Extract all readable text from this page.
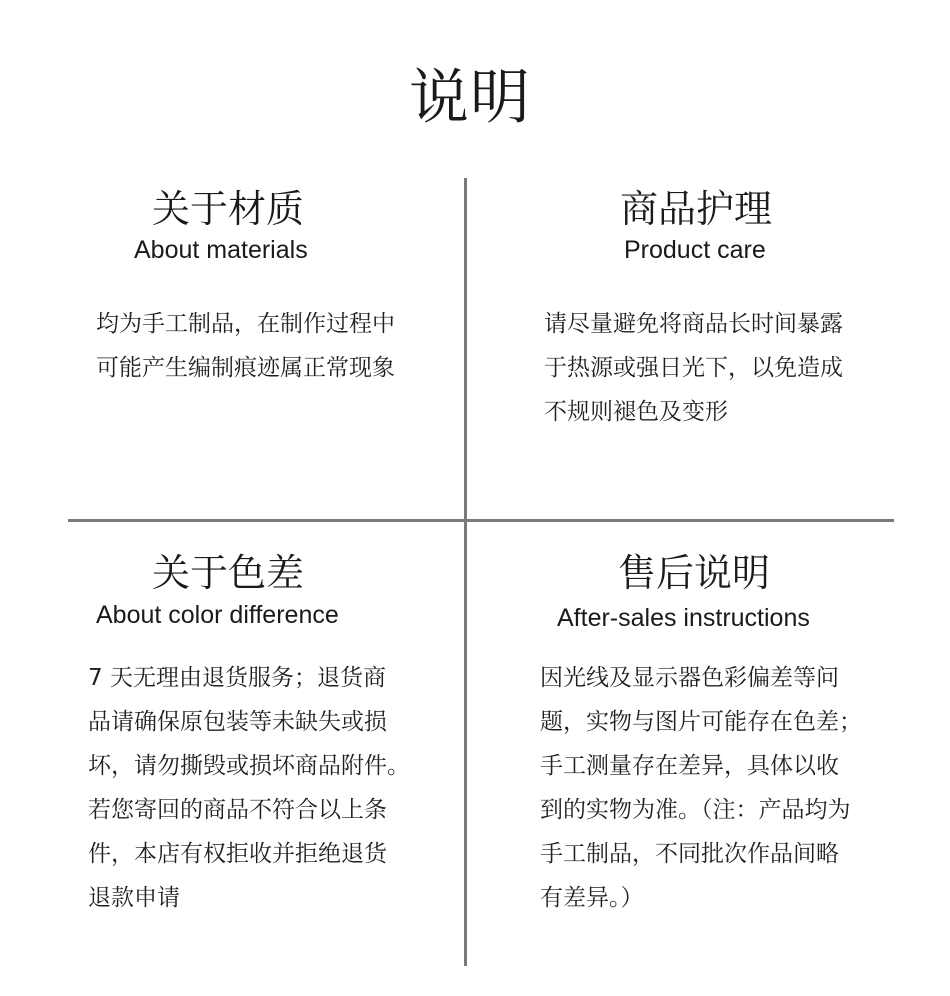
说明
关于材质
About materials
均为手工制品，在制作过程中
可能产生编制痕迹属正常现象
商品护理
Product care
请尽量避免将商品长时间暴露
于热源或强日光下，以免造成
不规则褪色及变形
关于色差
About color difference
7 天无理由退货服务；退货商
品请确保原包装等未缺失或损
坏，请勿撕毁或损坏商品附件。
若您寄回的商品不符合以上条
件，本店有权拒收并拒绝退货
退款申请
售后说明
After-sales instructions
因光线及显示器色彩偏差等问
题，实物与图片可能存在色差；
手工测量存在差异，具体以收
到的实物为准。（注：产品均为
手工制品，不同批次作品间略
有差异。）
